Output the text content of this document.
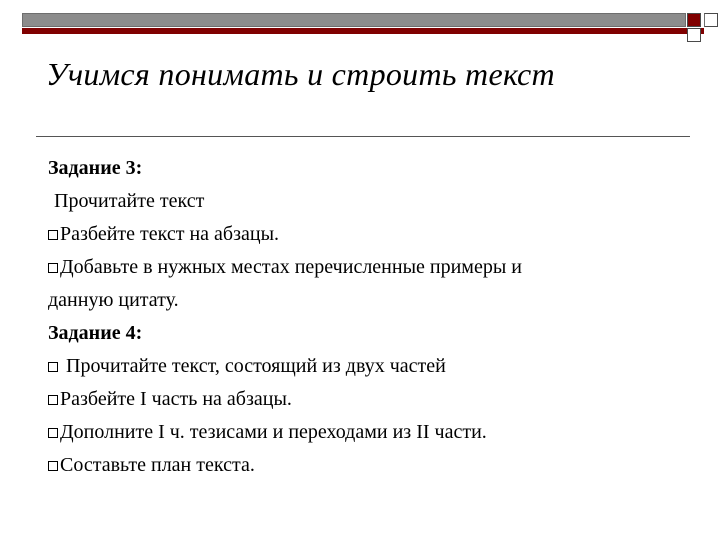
Учимся понимать и строить текст
Задание 3:
Прочитайте текст
Разбейте текст на абзацы.
Добавьте в нужных местах перечисленные примеры и
данную цитату.
Задание 4:
Прочитайте текст, состоящий из двух частей
Разбейте I часть на абзацы.
Дополните I ч. тезисами и переходами из II части.
Составьте план текста.
